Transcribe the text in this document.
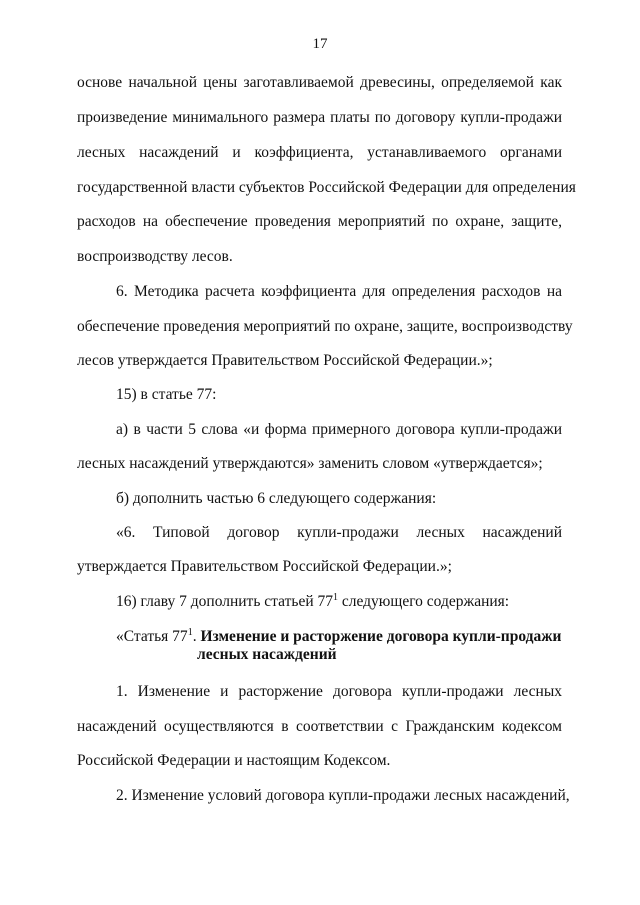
17
основе начальной цены заготавливаемой древесины, определяемой как
произведение минимального размера платы по договору купли-продажи
лесных насаждений и коэффициента, устанавливаемого органами
государственной власти субъектов Российской Федерации для определения
расходов на обеспечение проведения мероприятий по охране, защите,
воспроизводству лесов.
6. Методика расчета коэффициента для определения расходов на
обеспечение проведения мероприятий по охране, защите, воспроизводству
лесов утверждается Правительством Российской Федерации.»;
15) в статье 77:
а) в части 5 слова «и форма примерного договора купли-продажи
лесных насаждений утверждаются» заменить словом «утверждается»;
б) дополнить частью 6 следующего содержания:
«6. Типовой договор купли-продажи лесных насаждений
утверждается Правительством Российской Федерации.»;
16) главу 7 дополнить статьей $77^1$ следующего содержания:
«Статья $77^1$. Изменение и расторжение договора купли-продажи
лесных насаждений
1. Изменение и расторжение договора купли-продажи лесных
насаждений осуществляются в соответствии с Гражданским кодексом
Российской Федерации и настоящим Кодексом.
2. Изменение условий договора купли-продажи лесных насаждений,
